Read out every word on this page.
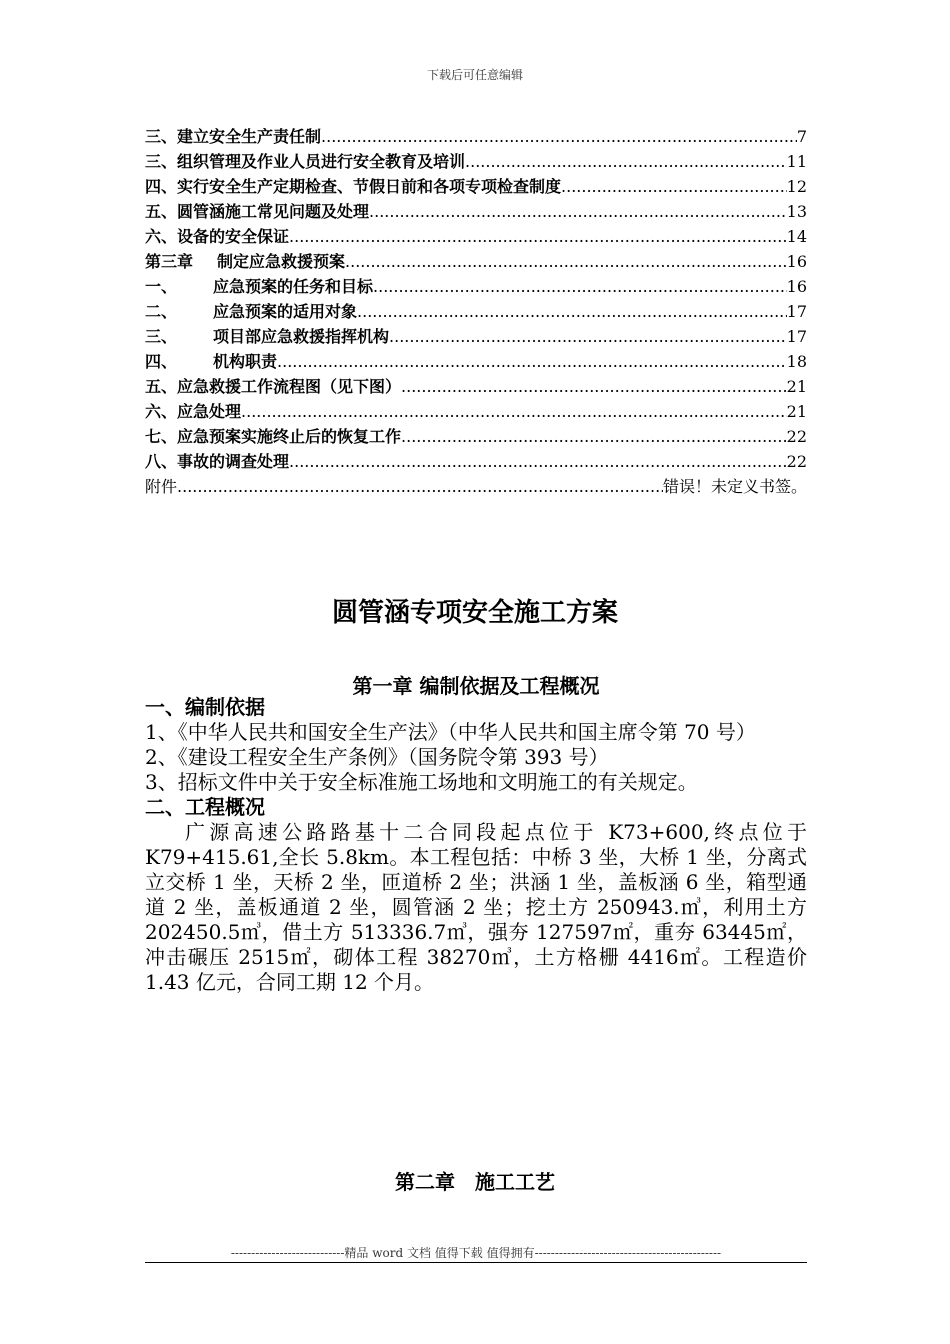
下载后可任意编辑
三、建立安全生产责任制 .....	7
三、组织管理及作业人员进行安全教育及培训 .....	11
四、实行安全生产定期检查、节假日前和各项专项检查制度 .....	12
五、圆管涵施工常见问题及处理 .....	13
六、设备的安全保证 .....	14
第三章 制定应急救援预案 .....	16
一、 应急预案的任务和目标 .....	16
二、 应急预案的适用对象 .....	17
三、 项目部应急救援指挥机构 .....	17
四、 机构职责 .....	18
五、应急救援工作流程图（见下图） .....	21
六、应急处理 .....	21
七、应急预案实施终止后的恢复工作 .....	22
八、事故的调查处理 .....	22
附件 .....	错误！未定义书签。
圆管涵专项安全施工方案
第一章 编制依据及工程概况

一、编制依据

1、《中华人民共和国安全生产法》（中华人民共和国主席令第 70 号）

2、《建设工程安全生产条例》（国务院令第 393 号）

3、招标文件中关于安全标准施工场地和文明施工的有关规定。

二、工程概况

广源高速公路路基十二合同段起点位于 K73+600,终点位于 K79+415.61,全长 5.8km。本工程包括：中桥 3 坐，大桥 1 坐，分离式立交桥 1 坐，天桥 2 坐，匝道桥 2 坐；洪涵 1 坐，盖板涵 6 坐，箱型通道 2 坐，盖板通道 2 坐，圆管涵 2 坐；挖土方 250943.㎥，利用土方 202450.5㎥，借土方 513336.7㎥，强夯 127597㎡，重夯 63445㎡，冲击碾压 2515㎡，砌体工程 38270㎥，土方格栅 4416㎡。工程造价 1.43 亿元，合同工期 12 个月。

第二章　施工工艺
----------------------------精品 word 文档 值得下载 值得拥有----------------------------------------------
